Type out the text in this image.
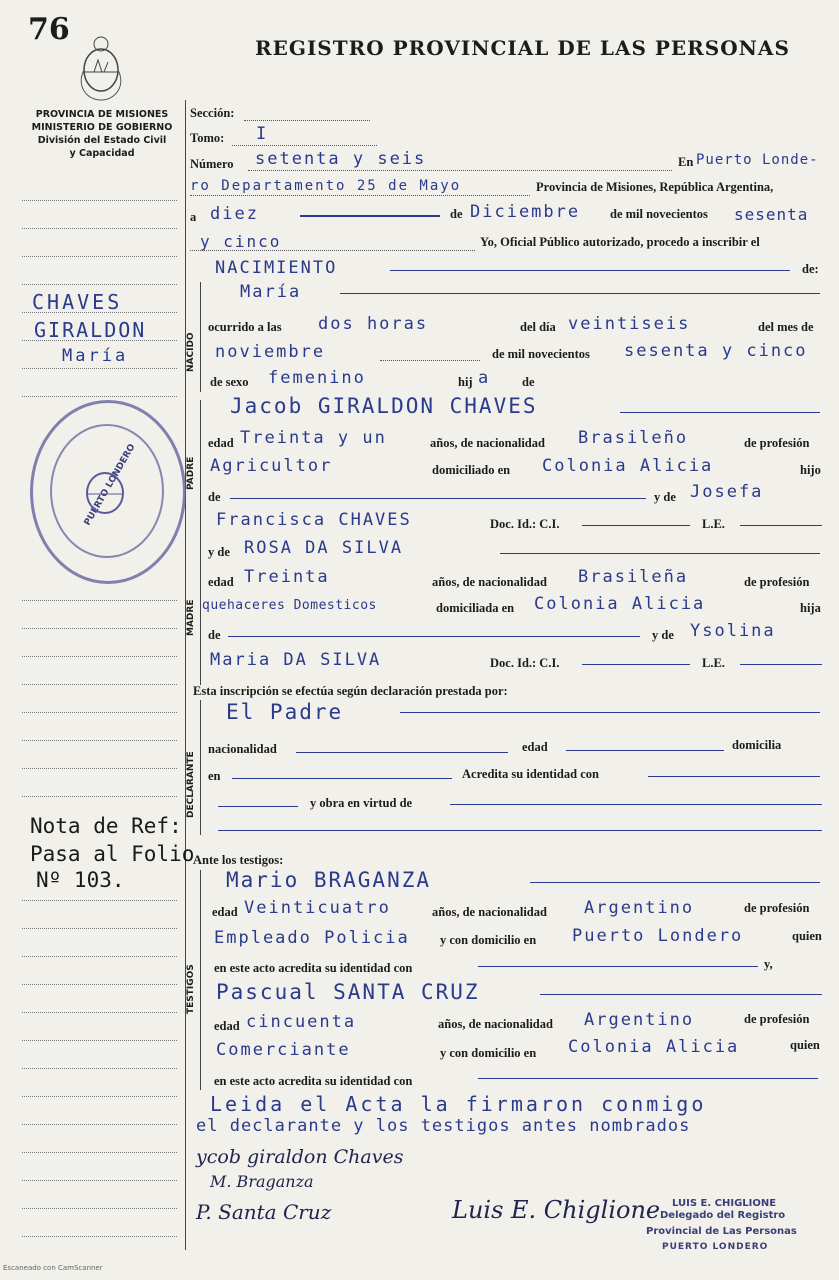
76
REGISTRO PROVINCIAL DE LAS PERSONAS
PROVINCIA DE MISIONES
MINISTERIO DE GOBIERNO
División del Estado Civil
y Capacidad
CHAVES
GIRALDON
María
PUERTO LONDERO
Nota de Ref:
Pasa al Folio
Nº 103.
Sección:
Tomo: I
Número setenta y seis	En Puerto Londe-
ro Departamento 25 de Mayo	Provincia de Misiones, República Argentina,
a diez	de Diciembre de mil novecientos sesenta
y cinco	Yo, Oficial Público autorizado, procedo a inscribir el
NACIMIENTO	de:
NACIDO
María
ocurrido a las dos horas	del día veintiseis	del mes de
noviembre	de mil novecientos sesenta y cinco
de sexo femenino	hij a	de
PADRE
Jacob GIRALDON CHAVES
edad Treinta y un	años, de nacionalidad Brasileño	de profesión
Agricultor	domiciliado en Colonia Alicia	hijo
de	y de Josefa
Francisca CHAVES	Doc. Id.: C.I.	L.E.
MADRE
y de ROSA DA SILVA
edad Treinta	años, de nacionalidad Brasileña	de profesión
quehaceres Domesticos	domiciliada en Colonia Alicia	hija
de	y de Ysolina
Maria DA SILVA	Doc. Id.: C.I.	L.E.
Esta inscripción se efectúa según declaración prestada por:
DECLARANTE
El Padre
nacionalidad	edad	domicilia
en	Acredita su identidad con
y obra en virtud de
Ante los testigos:
TESTIGOS
Mario BRAGANZA
edad Veinticuatro	años, de nacionalidad Argentino	de profesión
Empleado Policia y con domicilio en Puerto Londero	quien
en este acto acredita su identidad con	y,
Pascual SANTA CRUZ
edad cincuenta	años, de nacionalidad Argentino	de profesión
Comerciante	y con domicilio en Colonia Alicia	quien
en este acto acredita su identidad con
Leida el Acta la firmaron conmigo
el declarante y los testigos antes nombrados
ycob giraldon Chaves
M. Braganza
P. Santa Cruz	Luis E. Chiglione LUIS E. CHIGLIONE
Delegado del Registro
Provincial de Las Personas
PUERTO LONDERO
Escaneado con CamScanner
